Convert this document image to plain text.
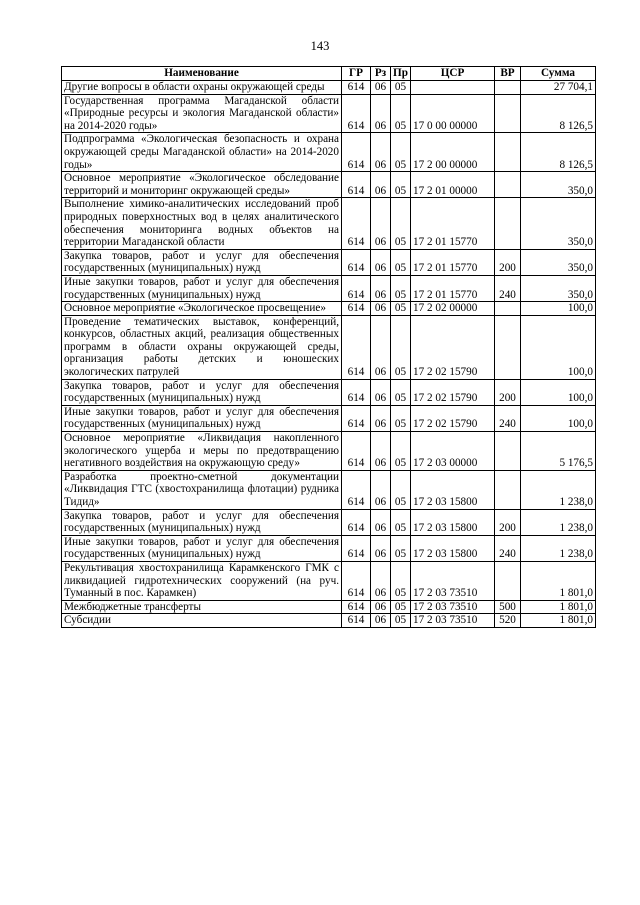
143
Наименование	ГР	Рз	Пр	ЦСР	ВР	Сумма
Другие вопросы в области охраны окружающей среды	614	06	05			27 704,1
Государственная программа Магаданской области «Природные ресурсы и экология Магаданской области» на 2014-2020 годы»	614	06	05	17 0 00 00000		8 126,5
Подпрограмма «Экологическая безопасность и охрана окружающей среды Магаданской области» на 2014-2020 годы»	614	06	05	17 2 00 00000		8 126,5
Основное мероприятие «Экологическое обследование территорий и мониторинг окружающей среды»	614	06	05	17 2 01 00000		350,0
Выполнение химико-аналитических исследований проб природных поверхностных вод в целях аналитического обеспечения мониторинга водных объектов на территории Магаданской области	614	06	05	17 2 01 15770		350,0
Закупка товаров, работ и услуг для обеспечения государственных (муниципальных) нужд	614	06	05	17 2 01 15770	200	350,0
Иные закупки товаров, работ и услуг для обеспечения государственных (муниципальных) нужд	614	06	05	17 2 01 15770	240	350,0
Основное мероприятие «Экологическое просвещение»	614	06	05	17 2 02 00000		100,0
Проведение тематических выставок, конференций, конкурсов, областных акций, реализация общественных программ в области охраны окружающей среды, организация работы детских и юношеских экологических патрулей	614	06	05	17 2 02 15790		100,0
Закупка товаров, работ и услуг для обеспечения государственных (муниципальных) нужд	614	06	05	17 2 02 15790	200	100,0
Иные закупки товаров, работ и услуг для обеспечения государственных (муниципальных) нужд	614	06	05	17 2 02 15790	240	100,0
Основное мероприятие «Ликвидация накопленного экологического ущерба и меры по предотвращению негативного воздействия на окружающую среду»	614	06	05	17 2 03 00000		5 176,5
Разработка проектно-сметной документации «Ликвидация ГТС (хвостохранилища флотации) рудника Тидид»	614	06	05	17 2 03 15800		1 238,0
Закупка товаров, работ и услуг для обеспечения государственных (муниципальных) нужд	614	06	05	17 2 03 15800	200	1 238,0
Иные закупки товаров, работ и услуг для обеспечения государственных (муниципальных) нужд	614	06	05	17 2 03 15800	240	1 238,0
Рекультивация хвостохранилища Карамкенского ГМК с ликвидацией гидротехнических сооружений (на руч. Туманный в пос. Карамкен)	614	06	05	17 2 03 73510		1 801,0
Межбюджетные трансферты	614	06	05	17 2 03 73510	500	1 801,0
Субсидии	614	06	05	17 2 03 73510	520	1 801,0
